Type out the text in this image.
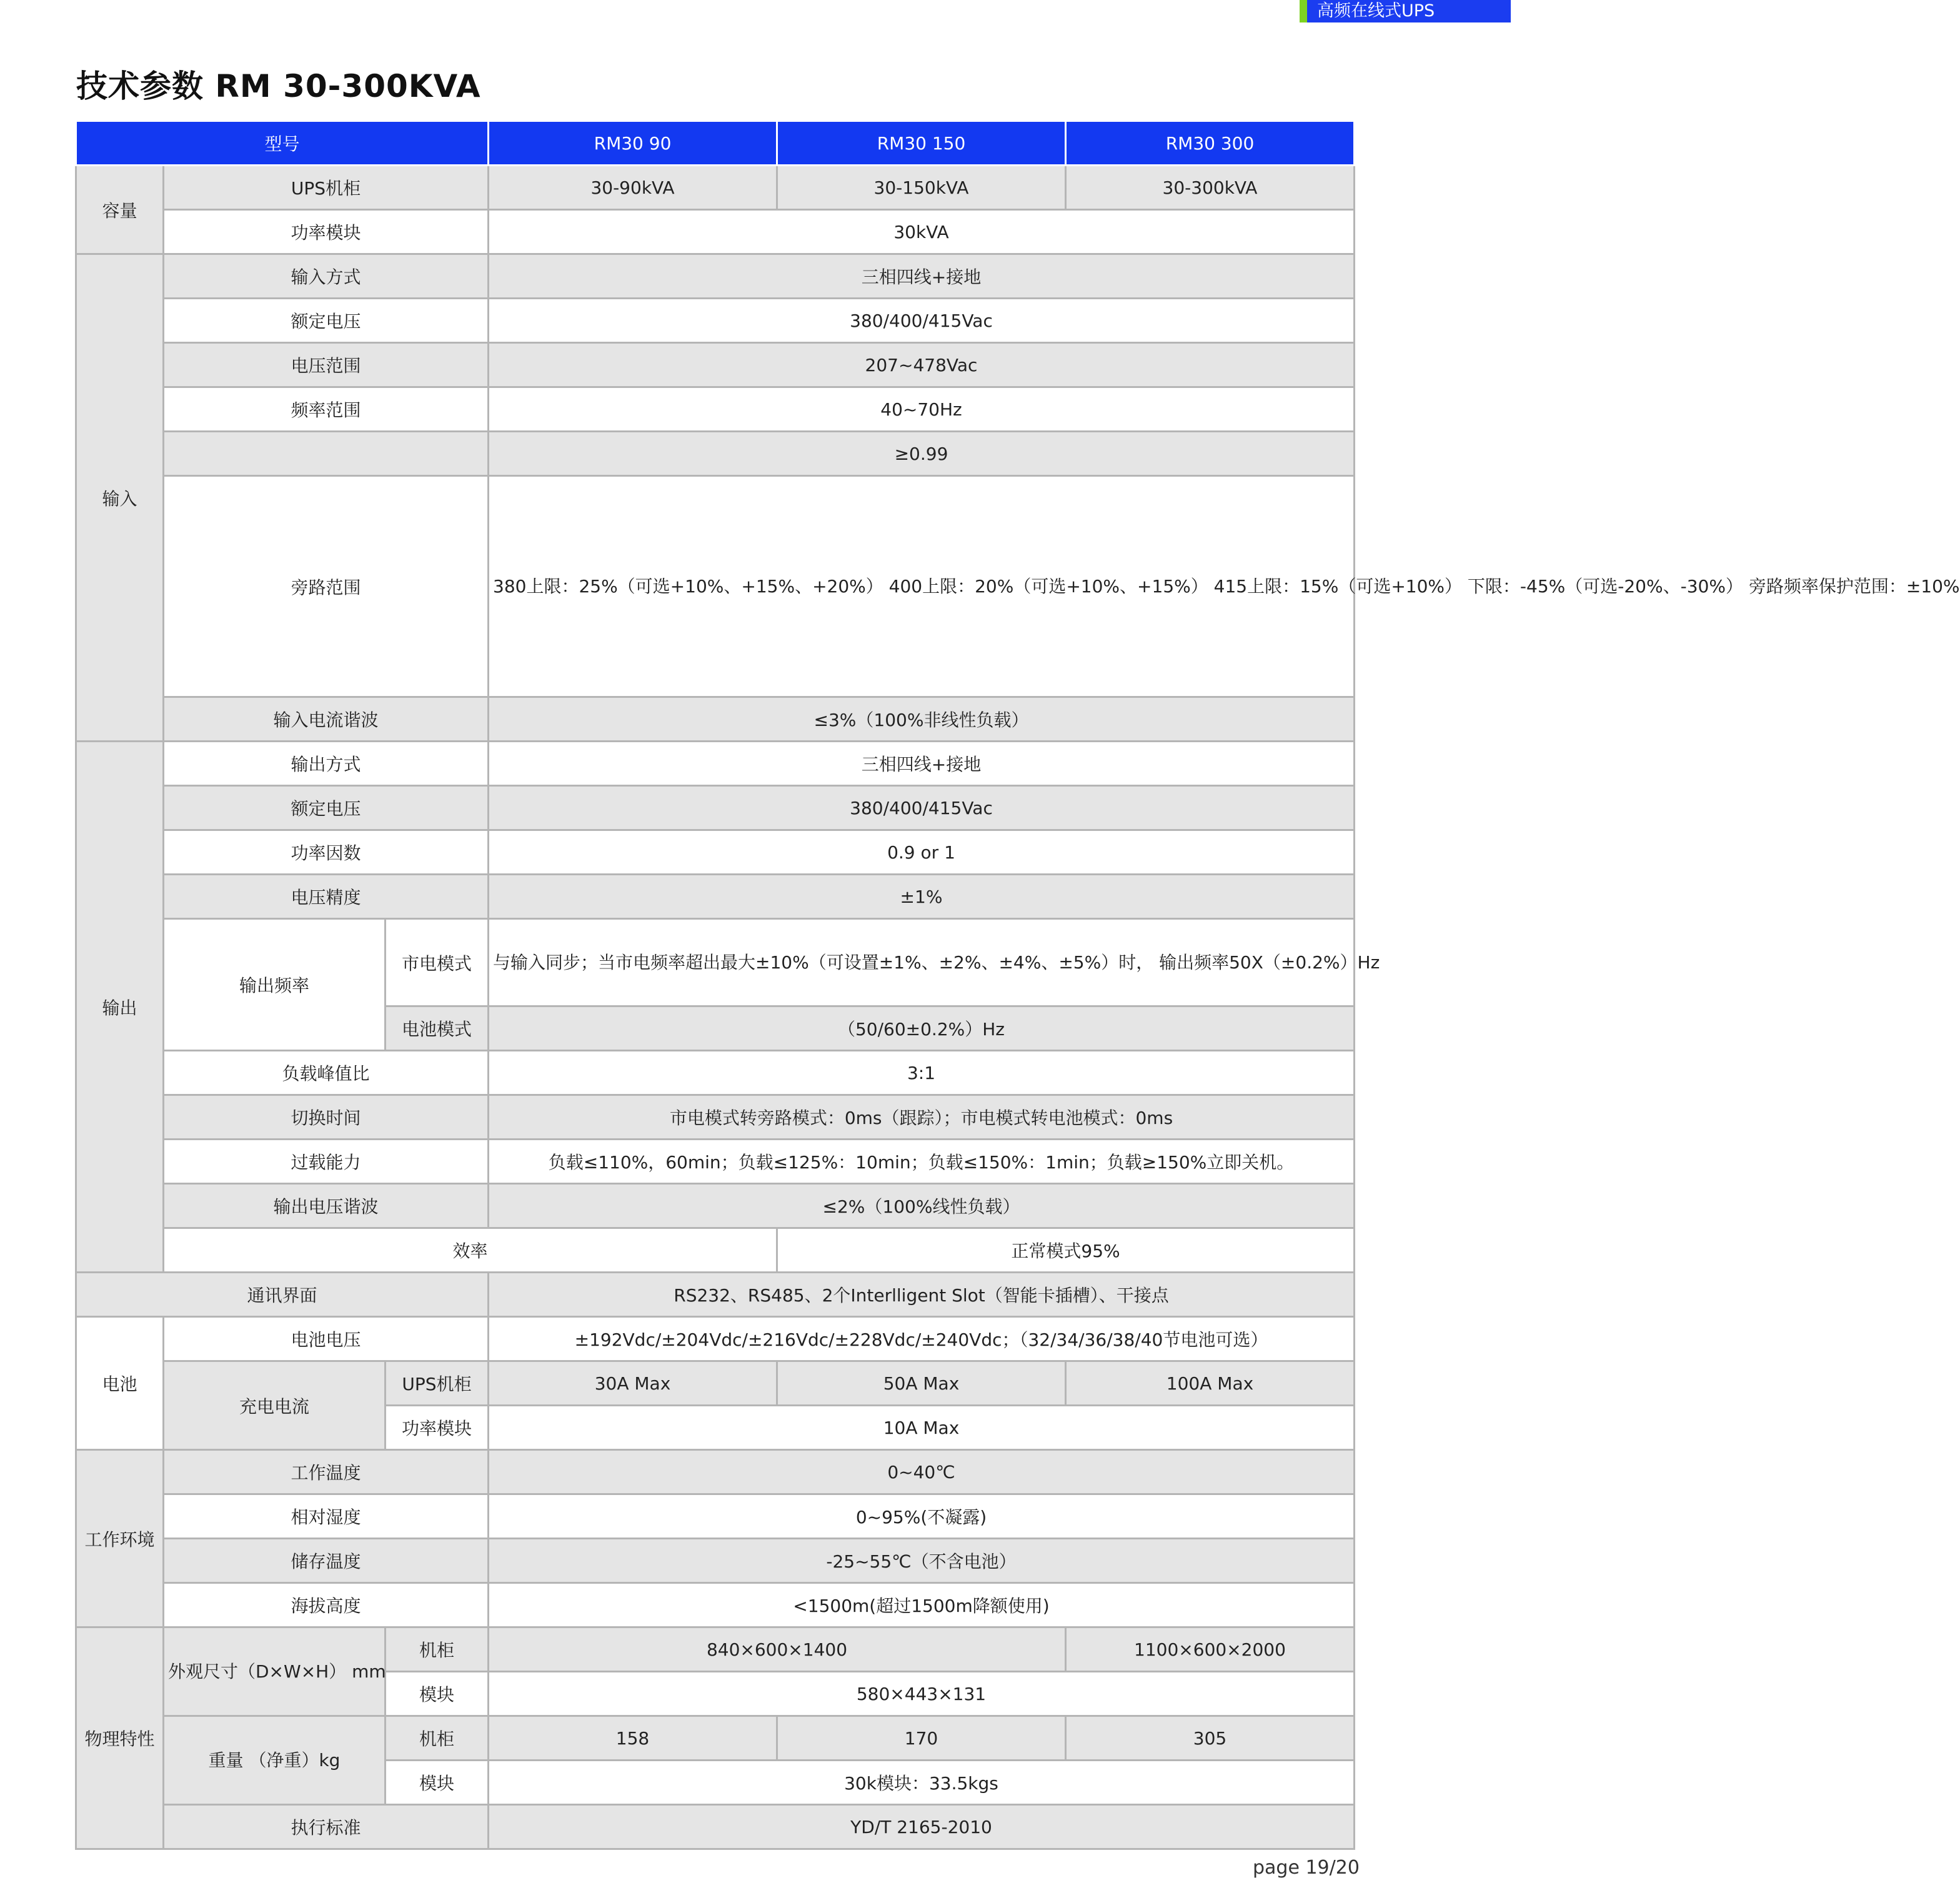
高频在线式UPS
技术参数 RM 30-300KVA
型号			RM30 90	RM30 150	RM30 300
容量	UPS机柜		30-90kVA	30-150kVA	30-300kVA
	功率模块		30kVA		
输入	输入方式		三相四线+接地		
	额定电压		380/400/415Vac		
	电压范围		207~478Vac		
	频率范围		40~70Hz		
			≥0.99		
	旁路范围		380上限：25%（可选+10%、+15%、+20%） 400上限：20%（可选+10%、+15%） 415上限：15%（可选+10%） 下限：-45%（可选-20%、-30%） 旁路频率保护范围：±10%		
	输入电流谐波		≤3%（100%非线性负载）		
输出	输出方式		三相四线+接地		
	额定电压		380/400/415Vac		
	功率因数		0.9 or 1		
	电压精度		±1%		
	输出频率	市电模式	与输入同步；当市电频率超出最大±10%（可设置±1%、±2%、±4%、±5%）时， 输出频率50X（±0.2%）Hz		
		电池模式	（50/60±0.2%）Hz		
	负载峰值比		3:1		
	切换时间		市电模式转旁路模式：0ms（跟踪）；市电模式转电池模式：0ms		
	过载能力		负载≤110%，60min；负载≤125%：10min；负载≤150%：1min；负载≥150%立即关机。		
	输出电压谐波		≤2%（100%线性负载）		
	效率			正常模式95%	
通讯界面			RS232、RS485、2个Interlligent Slot（智能卡插槽）、干接点		
电池	电池电压		±192Vdc/±204Vdc/±216Vdc/±228Vdc/±240Vdc；（32/34/36/38/40节电池可选）		
	充电电流	UPS机柜	30A Max	50A Max	100A Max
		功率模块	10A Max		
工作环境	工作温度		0~40℃		
	相对湿度		0~95%(不凝露)		
	储存温度		-25~55℃（不含电池）		
	海拔高度		<1500m(超过1500m降额使用)		
物理特性	外观尺寸（D×W×H） mm	机柜	840×600×1400		1100×600×2000
		模块	580×443×131		
	重量 （净重）kg	机柜	158	170	305
		模块	30k模块：33.5kgs		
	执行标准		YD/T 2165-2010		
page 19/20
